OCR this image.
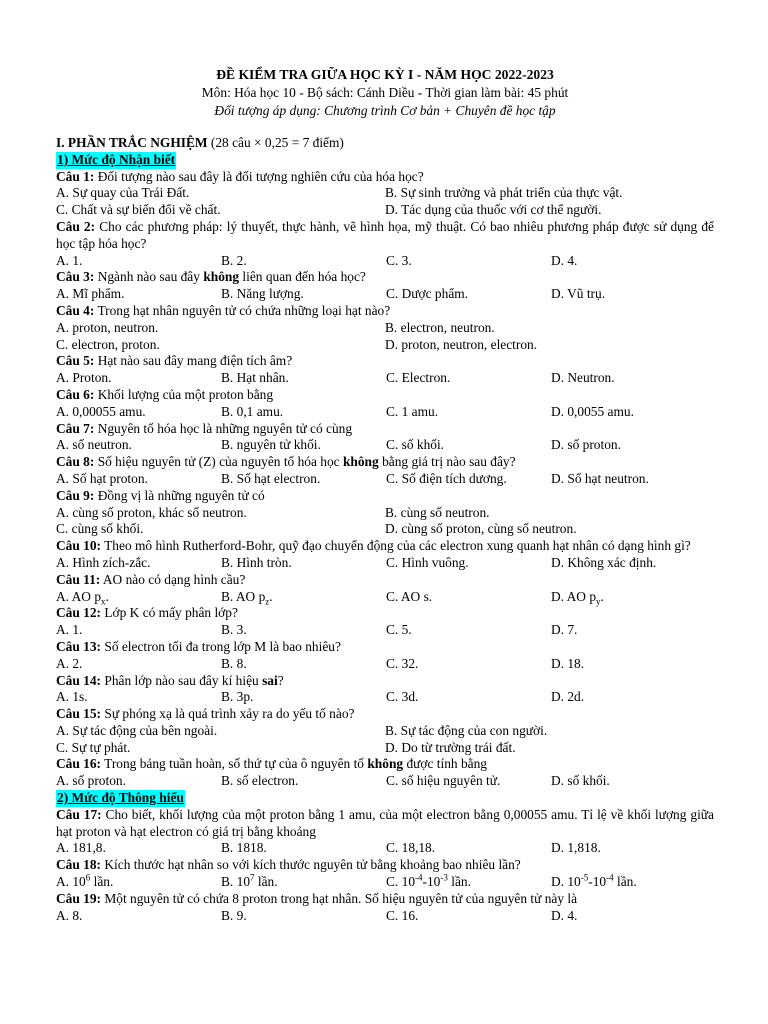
ĐỀ KIỂM TRA GIỮA HỌC KỲ I - NĂM HỌC 2022-2023
Môn: Hóa học 10 - Bộ sách: Cánh Diều - Thời gian làm bài: 45 phút
Đối tượng áp dụng: Chương trình Cơ bản + Chuyên đề học tập
I. PHẦN TRẮC NGHIỆM (28 câu × 0,25 = 7 điểm)
1) Mức độ Nhận biết
Câu 1: Đối tượng nào sau đây là đối tượng nghiên cứu của hóa học?
A. Sự quay của Trái Đất.	B. Sự sinh trưởng và phát triển của thực vật.
C. Chất và sự biến đổi về chất.	D. Tác dụng của thuốc với cơ thể người.
Câu 2: Cho các phương pháp: lý thuyết, thực hành, vẽ hình họa, mỹ thuật. Có bao nhiêu phương pháp được sử dụng để học tập hóa học?
A. 1.	B. 2.	C. 3.	D. 4.
Câu 3: Ngành nào sau đây không liên quan đến hóa học?
A. Mĩ phẩm.	B. Năng lượng.	C. Dược phẩm.	D. Vũ trụ.
Câu 4: Trong hạt nhân nguyên tử có chứa những loại hạt nào?
A. proton, neutron.	B. electron, neutron.
C. electron, proton.	D. proton, neutron, electron.
Câu 5: Hạt nào sau đây mang điện tích âm?
A. Proton.	B. Hạt nhân.	C. Electron.	D. Neutron.
Câu 6: Khối lượng của một proton bằng
A. 0,00055 amu.	B. 0,1 amu.	C. 1 amu.	D. 0,0055 amu.
Câu 7: Nguyên tố hóa học là những nguyên tử có cùng
A. số neutron.	B. nguyên tử khối.	C. số khối.	D. số proton.
Câu 8: Số hiệu nguyên tử (Z) của nguyên tố hóa học không bằng giá trị nào sau đây?
A. Số hạt proton.	B. Số hạt electron.	C. Số điện tích dương.	D. Số hạt neutron.
Câu 9: Đồng vị là những nguyên tử có
A. cùng số proton, khác số neutron.	B. cùng số neutron.
C. cùng số khối.	D. cùng số proton, cùng số neutron.
Câu 10: Theo mô hình Rutherford-Bohr, quỹ đạo chuyển động của các electron xung quanh hạt nhân có dạng hình gì?
A. Hình zích-zắc.	B. Hình tròn.	C. Hình vuông.	D. Không xác định.
Câu 11: AO nào có dạng hình cầu?
A. AO $p_x$.	B. AO $p_z$.	C. AO s.	D. AO $p_y$.
Câu 12: Lớp K có mấy phân lớp?
A. 1.	B. 3.	C. 5.	D. 7.
Câu 13: Số electron tối đa trong lớp M là bao nhiêu?
A. 2.	B. 8.	C. 32.	D. 18.
Câu 14: Phân lớp nào sau đây kí hiệu sai?
A. 1s.	B. 3p.	C. 3d.	D. 2d.
Câu 15: Sự phóng xạ là quá trình xảy ra do yếu tố nào?
A. Sự tác động của bên ngoài.	B. Sự tác động của con người.
C. Sự tự phát.	D. Do từ trường trái đất.
Câu 16: Trong bảng tuần hoàn, số thứ tự của ô nguyên tố không được tính bằng
A. số proton.	B. số electron.	C. số hiệu nguyên tử.	D. số khối.
2) Mức độ Thông hiểu
Câu 17: Cho biết, khối lượng của một proton bằng 1 amu, của một electron bằng 0,00055 amu. Tỉ lệ về khối lượng giữa hạt proton và hạt electron có giá trị bằng khoảng
A. 181,8.	B. 1818.	C. 18,18.	D. 1,818.
Câu 18: Kích thước hạt nhân so với kích thước nguyên tử bằng khoảng bao nhiêu lần?
A. $10^6$ lần.	B. $10^7$ lần.	C. $10^{-4}-10^{-3}$ lần.	D. $10^{-5}-10^{-4}$ lần.
Câu 19: Một nguyên tử có chứa 8 proton trong hạt nhân. Số hiệu nguyên tử của nguyên tử này là
A. 8.	B. 9.	C. 16.	D. 4.
